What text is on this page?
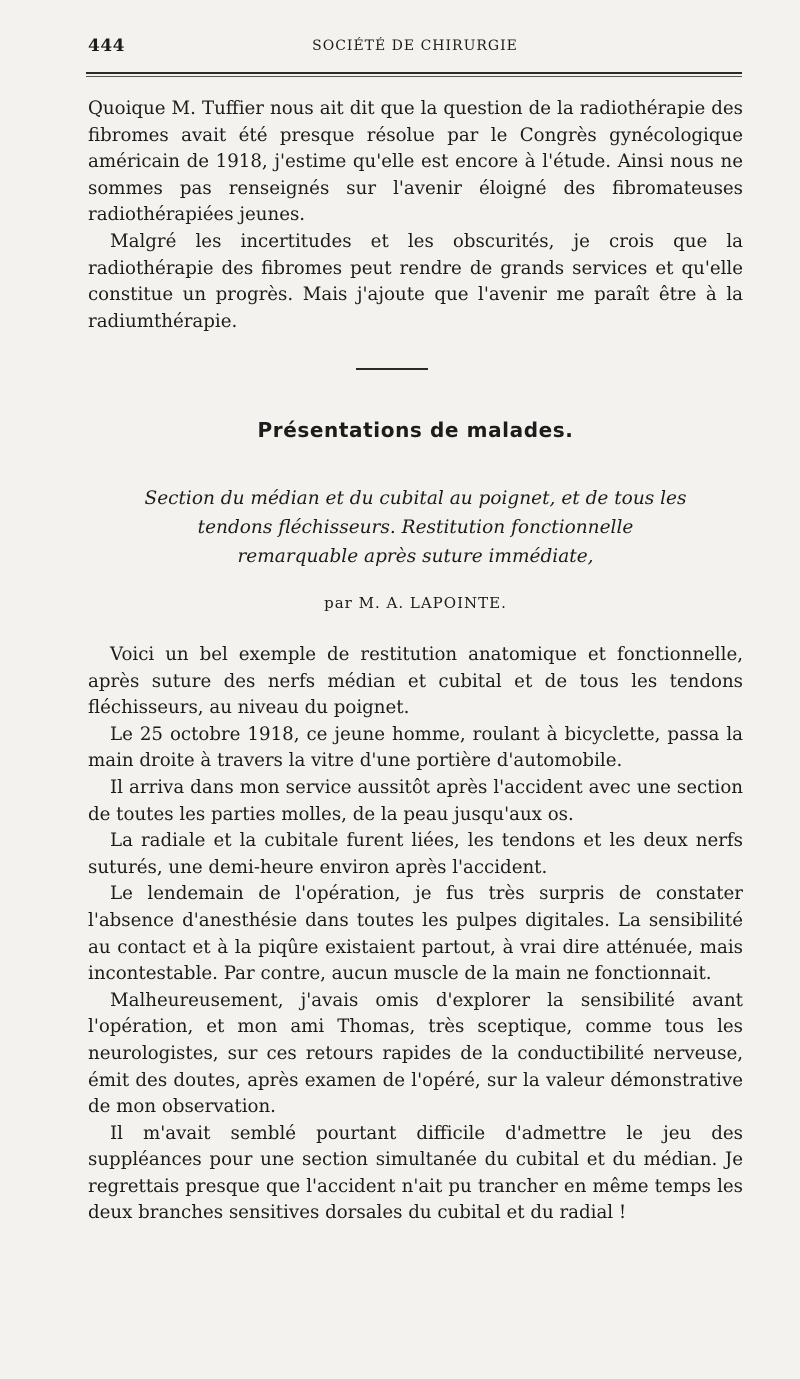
444	SOCIÉTÉ DE CHIRURGIE

Quoique M. Tuffier nous ait dit que la question de la radiothérapie des fibromes avait été presque résolue par le Congrès gynécologique américain de 1918, j'estime qu'elle est encore à l'étude. Ainsi nous ne sommes pas renseignés sur l'avenir éloigné des fibromateuses radiothérapiées jeunes.

Malgré les incertitudes et les obscurités, je crois que la radiothérapie des fibromes peut rendre de grands services et qu'elle constitue un progrès. Mais j'ajoute que l'avenir me paraît être à la radiumthérapie.

Présentations de malades.
Section du médian et du cubital au poignet, et de tous les
tendons fléchisseurs. Restitution fonctionnelle
remarquable après suture immédiate,
par M. A. LAPOINTE.

Voici un bel exemple de restitution anatomique et fonctionnelle, après suture des nerfs médian et cubital et de tous les tendons fléchisseurs, au niveau du poignet.

Le 25 octobre 1918, ce jeune homme, roulant à bicyclette, passa la main droite à travers la vitre d'une portière d'automobile.

Il arriva dans mon service aussitôt après l'accident avec une section de toutes les parties molles, de la peau jusqu'aux os.

La radiale et la cubitale furent liées, les tendons et les deux nerfs suturés, une demi-heure environ après l'accident.

Le lendemain de l'opération, je fus très surpris de constater l'absence d'anesthésie dans toutes les pulpes digitales. La sensibilité au contact et à la piqûre existaient partout, à vrai dire atténuée, mais incontestable. Par contre, aucun muscle de la main ne fonctionnait.

Malheureusement, j'avais omis d'explorer la sensibilité avant l'opération, et mon ami Thomas, très sceptique, comme tous les neurologistes, sur ces retours rapides de la conductibilité nerveuse, émit des doutes, après examen de l'opéré, sur la valeur démonstrative de mon observation.

Il m'avait semblé pourtant difficile d'admettre le jeu des suppléances pour une section simultanée du cubital et du médian. Je regrettais presque que l'accident n'ait pu trancher en même temps les deux branches sensitives dorsales du cubital et du radial !
